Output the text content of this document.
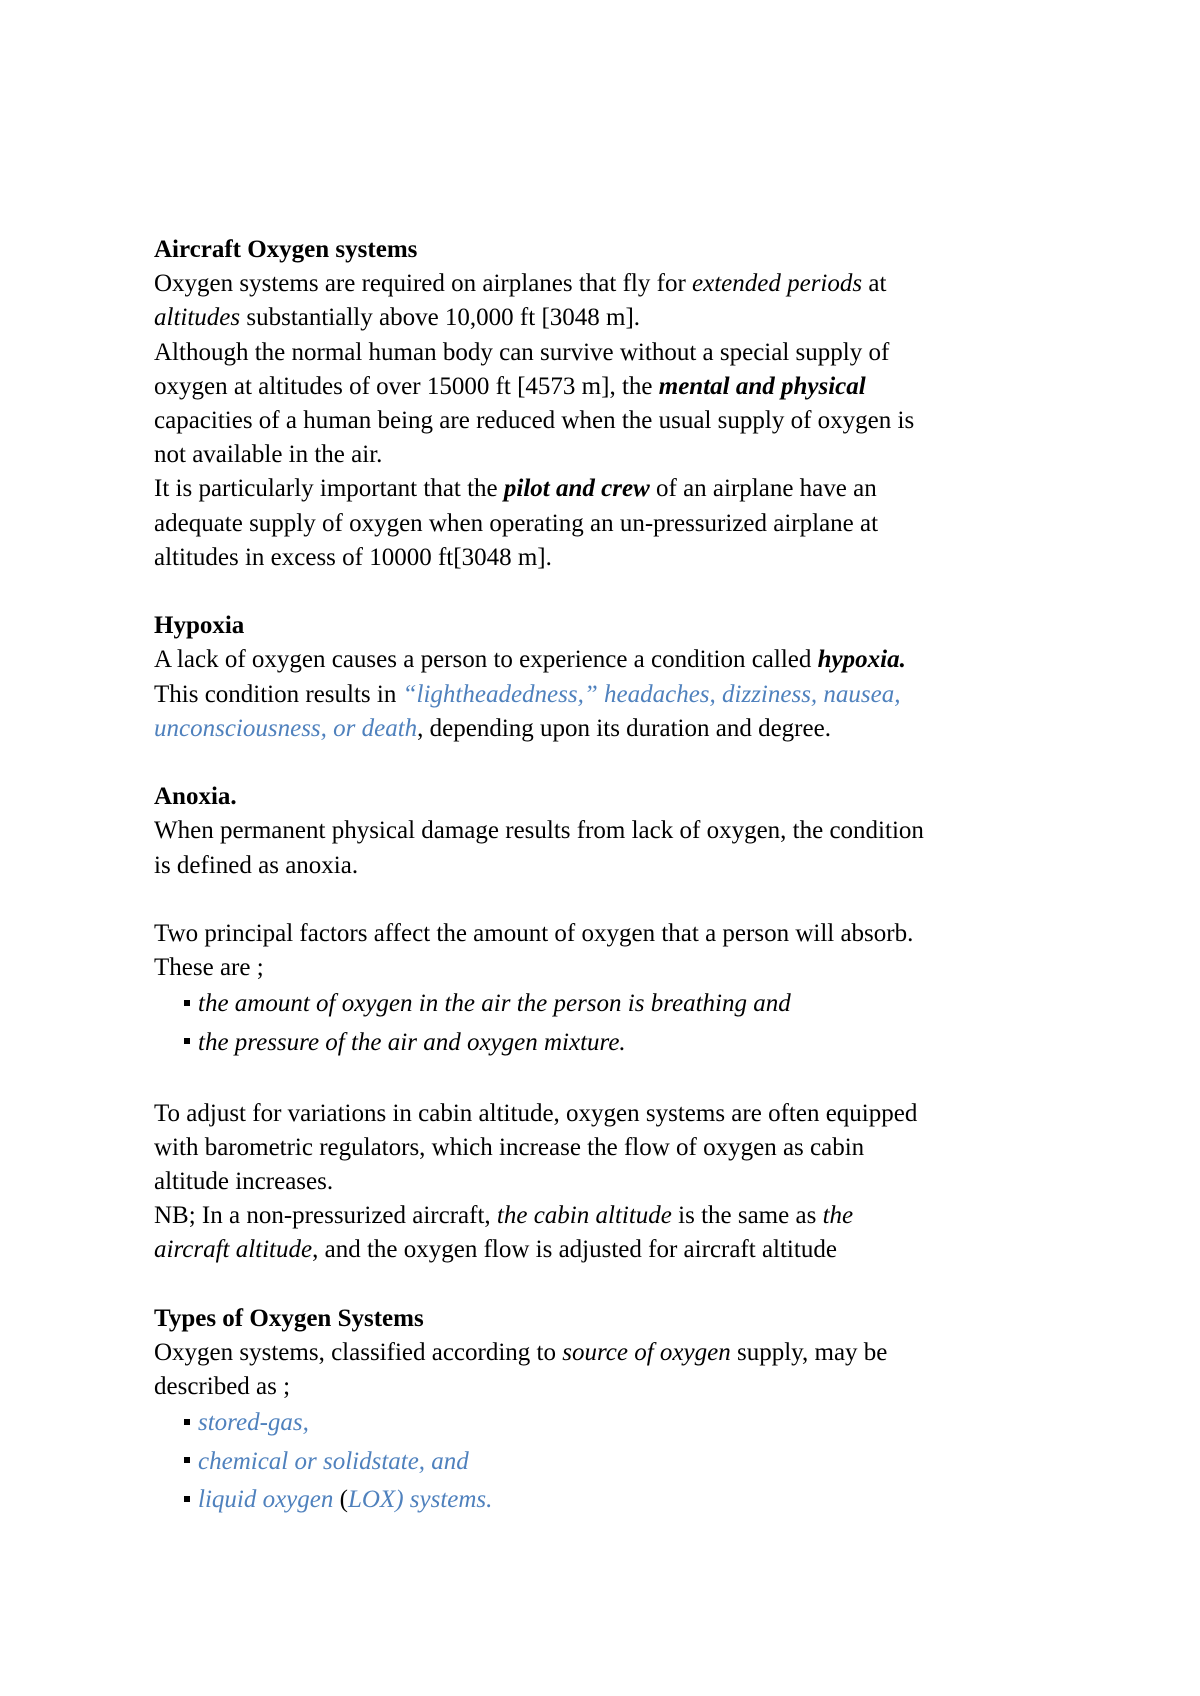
Aircraft Oxygen systems

Oxygen systems are required on airplanes that fly for extended periods at altitudes substantially above 10,000 ft [3048 m].

Although the normal human body can survive without a special supply of oxygen at altitudes of over 15000 ft [4573 m], the mental and physical capacities of a human being are reduced when the usual supply of oxygen is not available in the air.

It is particularly important that the pilot and crew of an airplane have an adequate supply of oxygen when operating an un-pressurized airplane at altitudes in excess of 10000 ft[3048 m].

Hypoxia

A lack of oxygen causes a person to experience a condition called hypoxia. This condition results in “lightheadedness,” headaches, dizziness, nausea, unconsciousness, or death, depending upon its duration and degree.

Anoxia.

When permanent physical damage results from lack of oxygen, the condition is defined as anoxia.

Two principal factors affect the amount of oxygen that a person will absorb. These are ;

the amount of oxygen in the air the person is breathing and
the pressure of the air and oxygen mixture.

To adjust for variations in cabin altitude, oxygen systems are often equipped with barometric regulators, which increase the flow of oxygen as cabin altitude increases.

NB; In a non-pressurized aircraft, the cabin altitude is the same as the aircraft altitude, and the oxygen flow is adjusted for aircraft altitude

Types of Oxygen Systems

Oxygen systems, classified according to source of oxygen supply, may be described as ;

stored-gas,
chemical or solidstate, and
liquid oxygen (LOX) systems.
